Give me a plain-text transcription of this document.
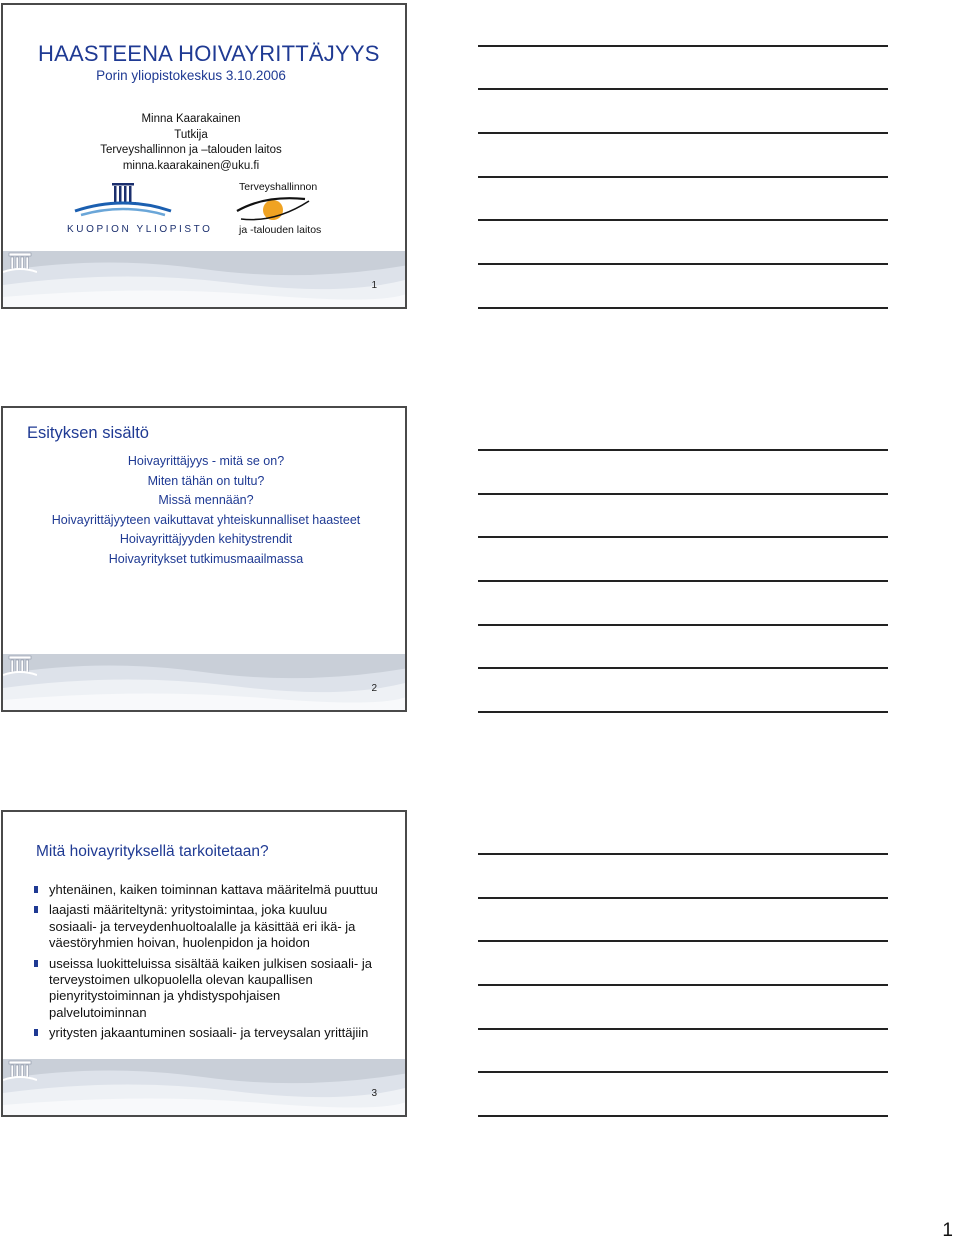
HAASTEENA HOIVAYRITTÄJYYS
Porin yliopistokeskus 3.10.2006
Minna Kaarakainen
Tutkija
Terveyshallinnon ja –talouden laitos
minna.kaarakainen@uku.fi
KUOPION YLIOPISTO
Terveyshallinnon
ja -talouden laitos
1
Esityksen sisältö
Hoivayrittäjyys - mitä se on?
Miten tähän on tultu?
Missä mennään?
Hoivayrittäjyyteen vaikuttavat yhteiskunnalliset haasteet
Hoivayrittäjyyden kehitystrendit
Hoivayritykset tutkimusmaailmassa
2
Mitä hoivayrityksellä tarkoitetaan?
yhtenäinen, kaiken toiminnan kattava määritelmä puuttuu
laajasti määriteltynä: yritystoimintaa, joka kuuluu sosiaali- ja terveydenhuoltoalalle ja käsittää eri ikä- ja väestöryhmien hoivan, huolenpidon ja hoidon
useissa luokitteluissa sisältää kaiken julkisen sosiaali- ja terveystoimen ulkopuolella olevan kaupallisen pienyritystoiminnan ja yhdistyspohjaisen palvelutoiminnan
yritysten jakaantuminen sosiaali- ja terveysalan yrittäjiin
3
1
